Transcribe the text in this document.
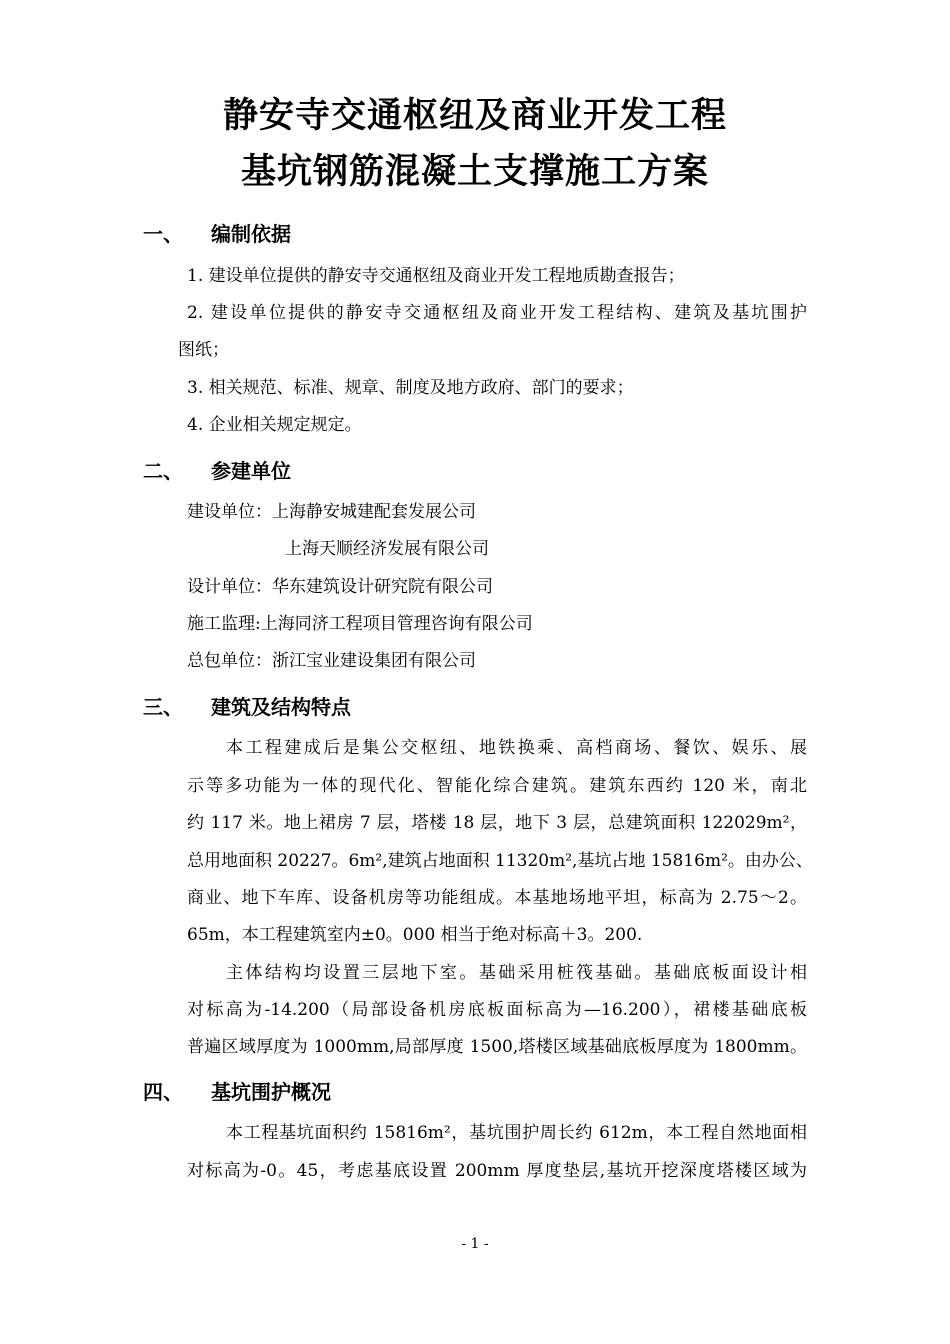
静安寺交通枢纽及商业开发工程
基坑钢筋混凝土支撑施工方案
一、 编制依据
1. 建设单位提供的静安寺交通枢纽及商业开发工程地质勘查报告；
2. 建设单位提供的静安寺交通枢纽及商业开发工程结构、建筑及基坑围护
图纸；
3. 相关规范、标准、规章、制度及地方政府、部门的要求；
4. 企业相关规定规定。
二、 参建单位
建设单位：上海静安城建配套发展公司
上海天顺经济发展有限公司
设计单位：华东建筑设计研究院有限公司
施工监理:上海同济工程项目管理咨询有限公司
总包单位：浙江宝业建设集团有限公司
三、 建筑及结构特点
本工程建成后是集公交枢纽、地铁换乘、高档商场、餐饮、娱乐、展
示等多功能为一体的现代化、智能化综合建筑。建筑东西约 120 米，南北
约 117 米。地上裙房 7 层，塔楼 18 层，地下 3 层，总建筑面积 122029m²，
总用地面积 20227。6m²,建筑占地面积 11320m²,基坑占地 15816m²。由办公、
商业、地下车库、设备机房等功能组成。本基地场地平坦，标高为 2.75～2。
65m，本工程建筑室内±0。000 相当于绝对标高＋3。200.
主体结构均设置三层地下室。基础采用桩筏基础。基础底板面设计相
对标高为-14.200（局部设备机房底板面标高为—16.200），裙楼基础底板
普遍区域厚度为 1000mm,局部厚度 1500,塔楼区域基础底板厚度为 1800mm。
四、 基坑围护概况
本工程基坑面积约 15816m²，基坑围护周长约 612m，本工程自然地面相
对标高为-0。45，考虑基底设置 200mm 厚度垫层,基坑开挖深度塔楼区域为
- 1 -
